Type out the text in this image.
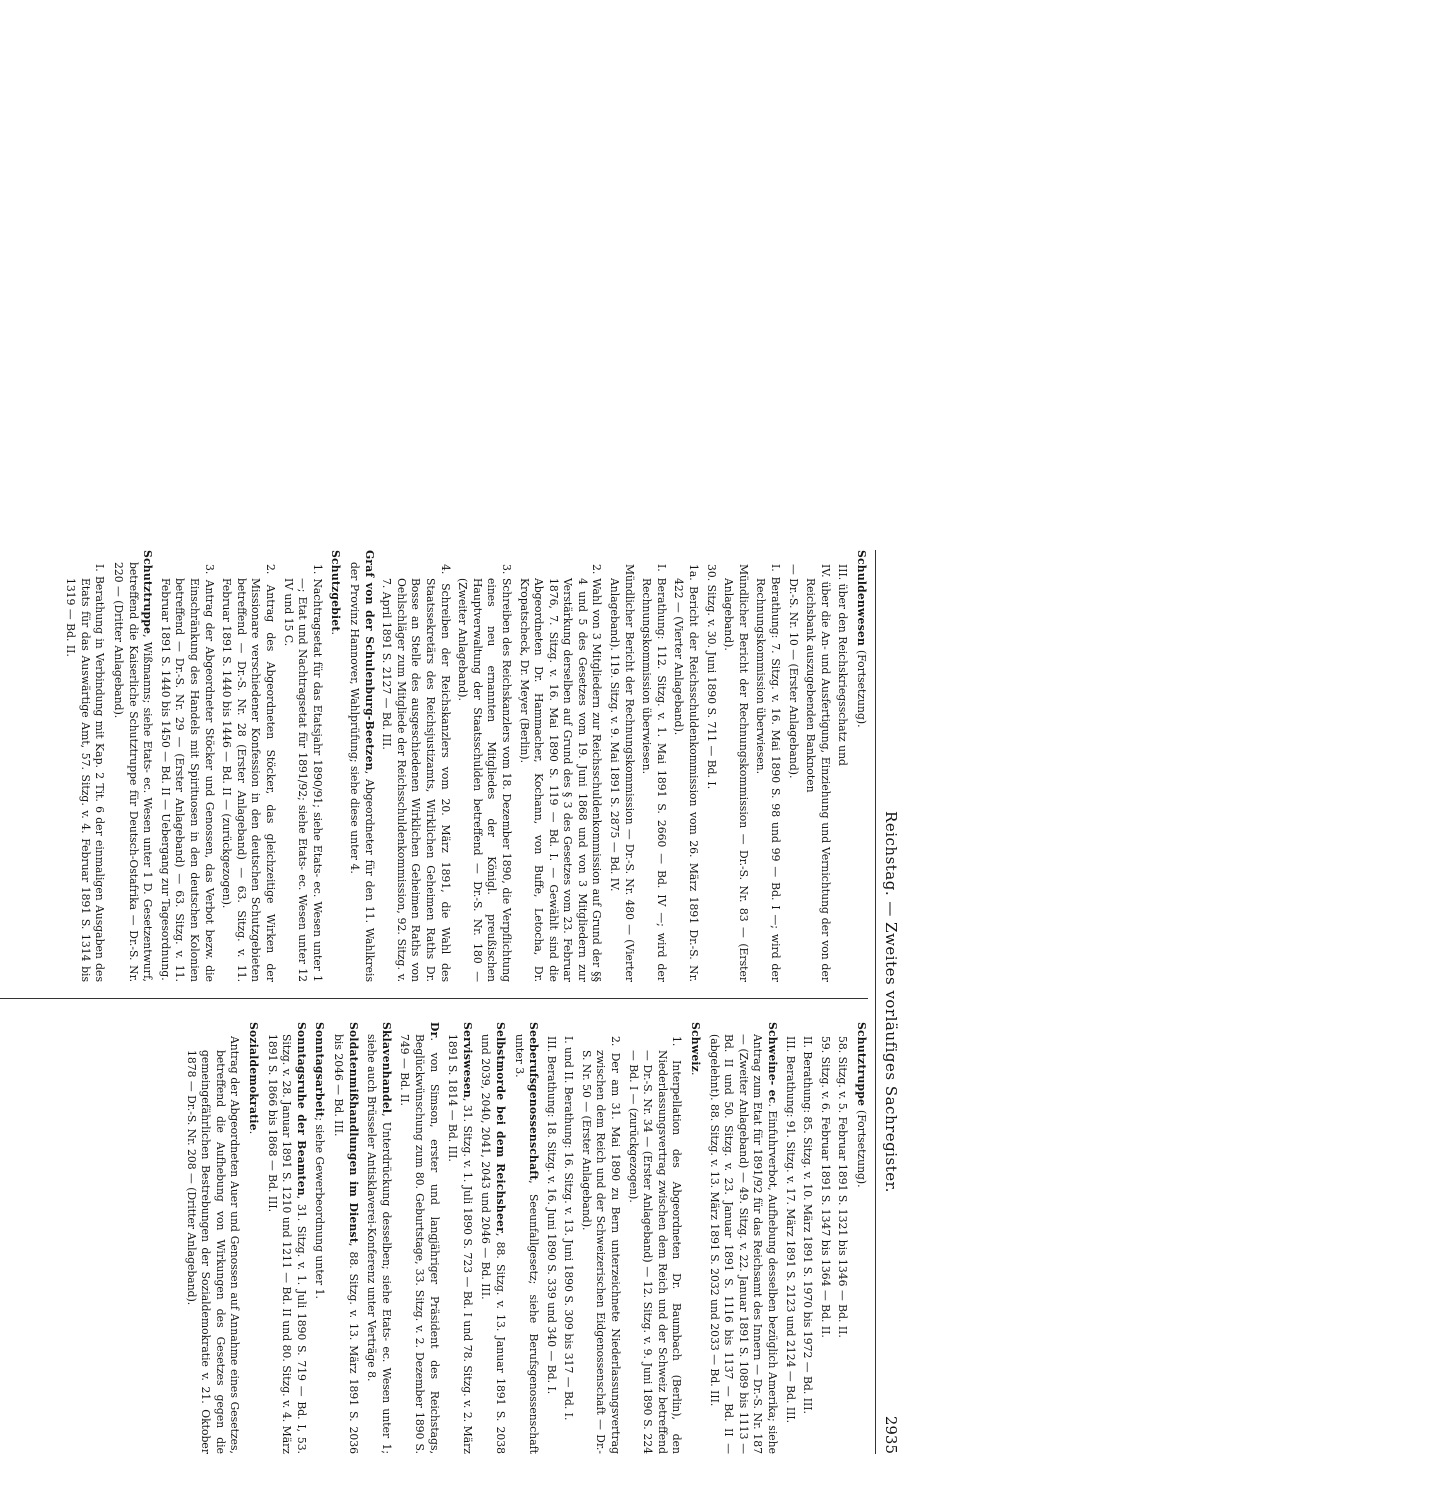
Reichstag. — Zweites vorläufiges Sachregister.
2935

Schuldenwesen (Fortsetzung).

III. über den Reichskriegsschatz und

IV. über die An- und Ausfertigung, Einziehung und Vernichtung der von der Reichsbank auszugebenden Banknoten

— Dr.-S. Nr. 10 — (Erster Anlageband).

I. Berathung: 7. Sitzg. v. 16. Mai 1890 S. 98 und 99 — Bd. I —; wird der Rechnungskommission überwiesen.

Mündlicher Bericht der Rechnungskommission — Dr.-S. Nr. 83 — (Erster Anlageband).

30. Sitzg. v. 30. Juni 1890 S. 711 — Bd. I.

1a. Bericht der Reichsschuldenkommission vom 26. März 1891 Dr.-S. Nr. 422 — (Vierter Anlageband).

I. Berathung: 112. Sitzg. v. 1. Mai 1891 S. 2660 — Bd. IV —; wird der Rechnungskommission überwiesen.

Mündlicher Bericht der Rechnungskommission — Dr.-S. Nr. 480 — (Vierter Anlageband). 119. Sitzg. v. 9. Mai 1891 S. 2875 — Bd. IV.

2. Wahl von 3 Mitgliedern zur Reichsschuldenkommission auf Grund der §§ 4 und 5 des Gesetzes vom 19. Juni 1868 und von 3 Mitgliedern zur Verstärkung derselben auf Grund des § 3 des Gesetzes vom 23. Februar 1876, 7. Sitzg. v. 16. Mai 1890 S. 119 — Bd. I. — Gewählt sind die Abgeordneten Dr. Hammacher, Kochann, von Buffe, Letocha, Dr. Kropatscheck, Dr. Meyer (Berlin).

3. Schreiben des Reichskanzlers vom 18. Dezember 1890, die Verpflichtung eines neu ernannten Mitgliedes der Königl. preußischen Hauptverwaltung der Staatsschulden betreffend — Dr.-S. Nr. 180 — (Zweiter Anlageband).

4. Schreiben der Reichskanzlers vom 20. März 1891, die Wahl des Staatssekretärs des Reichsjustizamts, Wirklichen Geheimen Raths Dr. Bosse an Stelle des ausgeschiedenen Wirklichen Geheimen Raths von Oehlschläger zum Mitgliede der Reichsschuldenkommission, 92. Sitzg. v. 7. April 1891 S. 2127 — Bd. III.

Graf von der Schulenburg-Beetzen, Abgeordneter für den 11. Wahlkreis der Provinz Hannover, Wahlprüfung; siehe diese unter 4.

Schutzgebiet.

1. Nachtragsetat für das Etatsjahr 1890/91; siehe Etats- ec. Wesen unter 1 —; Etat und Nachtragsetat für 1891/92; siehe Etats- ec. Wesen unter 12 IV und 15 C.

2. Antrag des Abgeordneten Stöcker, das gleichzeitige Wirken der Missionare verschiedener Konfession in den deutschen Schutzgebieten betreffend — Dr.-S. Nr. 28 (Erster Anlageband) — 63. Sitzg. v. 11. Februar 1891 S. 1440 bis 1446 — Bd. II — (zurückgezogen).

3. Antrag der Abgeordneter Stöcker und Genossen, das Verbot bezw. die Einschränkung des Handels mit Spirituosen in den deutschen Kolonien betreffend — Dr.-S. Nr. 29 — (Erster Anlageband) — 63. Sitzg. v. 11. Februar 1891 S. 1440 bis 1450 — Bd. II — Uebergang zur Tagesordnung.

Schutztruppe, Wißmanns; siehe Etats- ec. Wesen unter 1 D. Gesetzentwurf, betreffend die Kaiserliche Schutztruppe für Deutsch-Ostafrika — Dr.-S. Nr. 220 — (Dritter Anlageband).

I. Berathung in Verbindung mit Kap. 2 Tit. 6 der einmaligen Ausgaben des Etats für das Auswärtige Amt, 57. Sitzg. v. 4. Februar 1891 S. 1314 bis 1319 — Bd. II.

Schutztruppe (Fortsetzung).

58. Sitzg. v. 5. Februar 1891 S. 1321 bis 1346 — Bd. II.

59. Sitzg. v. 6. Februar 1891 S. 1347 bis 1364 — Bd. II.

II. Berathung: 85. Sitzg. v. 10. März 1891 S. 1970 bis 1972 — Bd. III.

III. Berathung: 91. Sitzg. v. 17. März 1891 S. 2123 und 2124 — Bd. III.

Schweine- ec. Einfuhrverbot, Aufhebung desselben bezüglich Amerika; siehe Antrag zum Etat für 1891/92 für das Reichsamt des Innern — Dr.-S. Nr. 187 — (Zweiter Anlageband) — 49. Sitzg. v. 22. Januar 1891 S. 1089 bis 1113 — Bd. II und 50. Sitzg. v. 23. Januar 1891 S. 1116 bis 1137 — Bd. II — (abgelehnt). 88. Sitzg. v. 13. März 1891 S. 2032 und 2033 — Bd. III.

Schweiz.

1. Interpellation des Abgeordneten Dr. Baumbach (Berlin), den Niederlassungsvertrag zwischen dem Reich und der Schweiz betreffend — Dr.-S. Nr. 34 — (Erster Anlageband) — 12. Sitzg. v. 9. Juni 1890 S. 224 — Bd. I — (zurückgezogen).

2. Der am 31. Mai 1890 zu Bern unterzeichnete Niederlassungsvertrag zwischen dem Reich und der Schweizerischen Eidgenossenschaft — Dr.-S. Nr. 50 — (Erster Anlageband).

I. und II. Berathung: 16. Sitzg. v. 13. Juni 1890 S. 309 bis 317 — Bd. I.

III. Berathung: 18. Sitzg. v. 16. Juni 1890 S. 339 und 340 — Bd. I.

Seeberufsgenossenschaft, Seeunfallgesetz; siehe Berufsgenossenschaft unter 3.

Selbstmorde bei dem Reichsheer, 88. Sitzg. v. 13. Januar 1891 S. 2038 und 2039, 2040, 2041, 2043 und 2046 — Bd. III.

Serviswesen, 31. Sitzg. v. 1. Juli 1890 S. 723 — Bd. I und 78. Sitzg. v. 2. März 1891 S. 1814 — Bd. III.

Dr. von Simson, erster und langjähriger Präsident des Reichstags, Beglückwünschung zum 80. Geburtstage, 33. Sitzg. v. 2. Dezember 1890 S. 749 — Bd. II.

Sklavenhandel, Unterdrückung desselben; siehe Etats- ec. Wesen unter 1; siehe auch Brüsseler Antisklaverei-Konferenz unter Verträge 8.

Soldatenmißhandlungen im Dienst, 88. Sitzg. v. 13. März 1891 S. 2036 bis 2046 — Bd. III.

Sonntagsarbeit; siehe Gewerbeordnung unter 1.

Sonntagsruhe der Beamten, 31. Sitzg. v. 1. Juli 1890 S. 719 — Bd. I, 53. Sitzg. v. 28. Januar 1891 S. 1210 und 1211 — Bd. II und 80. Sitzg. v. 4. März 1891 S. 1866 bis 1868 — Bd. III.

Sozialdemokratie.

Antrag der Abgeordneten Auer und Genossen auf Annahme eines Gesetzes, betreffend die Aufhebung von Wirkungen des Gesetzes gegen die gemeingefährlichen Bestrebungen der Sozialdemokratie v. 21. Oktober 1878 — Dr.-S. Nr. 208 — (Dritter Anlageband).
